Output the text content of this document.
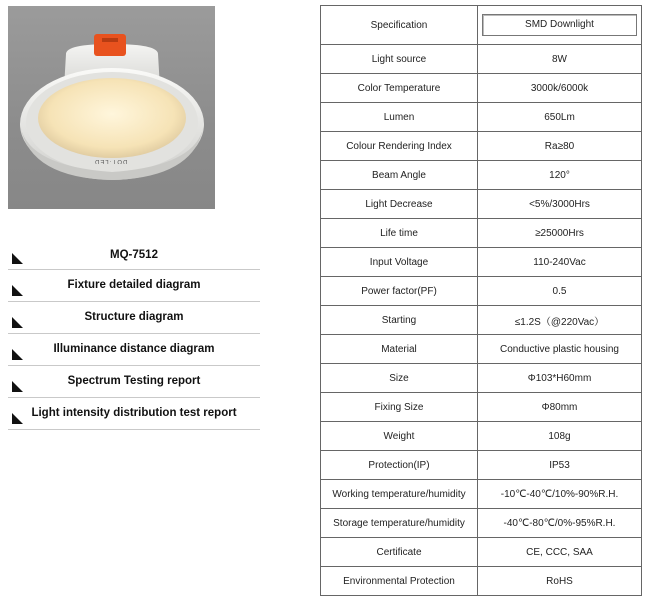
DOT·LED
MQ-7512
Fixture detailed diagram
Structure diagram
Illuminance distance diagram
Spectrum Testing report
Light intensity distribution test report
Specification	SMD Downlight

Light source	8W
Color Temperature	3000k/6000k
Lumen	650Lm
Colour Rendering Index	Ra≥80
Beam Angle	120°
Light Decrease	<5%/3000Hrs
Life time	≥25000Hrs
Input Voltage	110-240Vac
Power factor(PF)	0.5
Starting	≤1.2S（@220Vac）
Material	Conductive plastic housing
Size	Φ103*H60mm
Fixing Size	Φ80mm
Weight	108g
Protection(IP)	IP53
Working temperature/humidity	-10℃-40℃/10%-90%R.H.
Storage temperature/humidity	-40℃-80℃/0%-95%R.H.
Certificate	CE, CCC, SAA
Environmental Protection	RoHS
